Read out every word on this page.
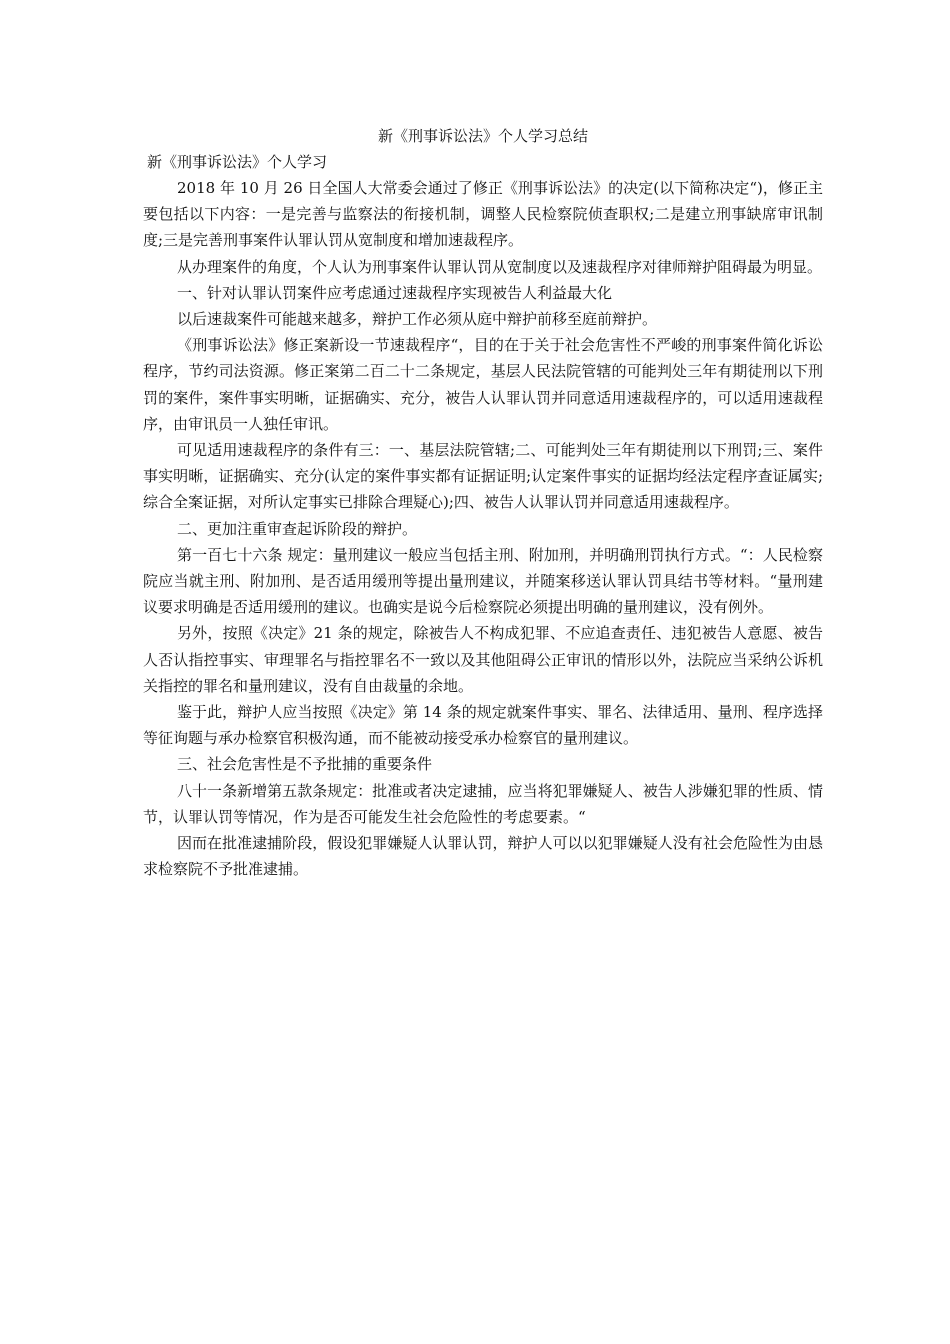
新《刑事诉讼法》个人学习总结

新《刑事诉讼法》个人学习

2018 年 10 月 26 日全国人大常委会通过了修正《刑事诉讼法》的决定(以下简称决定“)，修正主要包括以下内容：一是完善与监察法的衔接机制，调整人民检察院侦查职权;二是建立刑事缺席审讯制度;三是完善刑事案件认罪认罚从宽制度和增加速裁程序。

从办理案件的角度，个人认为刑事案件认罪认罚从宽制度以及速裁程序对律师辩护阻碍最为明显。

一、针对认罪认罚案件应考虑通过速裁程序实现被告人利益最大化

以后速裁案件可能越来越多，辩护工作必须从庭中辩护前移至庭前辩护。

《刑事诉讼法》修正案新设一节速裁程序“，目的在于关于社会危害性不严峻的刑事案件简化诉讼程序，节约司法资源。修正案第二百二十二条规定，基层人民法院管辖的可能判处三年有期徒刑以下刑罚的案件，案件事实明晰，证据确实、充分，被告人认罪认罚并同意适用速裁程序的，可以适用速裁程序，由审讯员一人独任审讯。

可见适用速裁程序的条件有三：一、基层法院管辖;二、可能判处三年有期徒刑以下刑罚;三、案件事实明晰，证据确实、充分(认定的案件事实都有证据证明;认定案件事实的证据均经法定程序查证属实;综合全案证据，对所认定事实已排除合理疑心);四、被告人认罪认罚并同意适用速裁程序。

二、更加注重审查起诉阶段的辩护。

第一百七十六条 规定：量刑建议一般应当包括主刑、附加刑，并明确刑罚执行方式。“：人民检察院应当就主刑、附加刑、是否适用缓刑等提出量刑建议，并随案移送认罪认罚具结书等材料。“量刑建议要求明确是否适用缓刑的建议。也确实是说今后检察院必须提出明确的量刑建议，没有例外。

另外，按照《决定》21 条的规定，除被告人不构成犯罪、不应追查责任、违犯被告人意愿、被告人否认指控事实、审理罪名与指控罪名不一致以及其他阻碍公正审讯的情形以外，法院应当采纳公诉机关指控的罪名和量刑建议，没有自由裁量的余地。

鉴于此，辩护人应当按照《决定》第 14 条的规定就案件事实、罪名、法律适用、量刑、程序选择等征询题与承办检察官积极沟通，而不能被动接受承办检察官的量刑建议。

三、社会危害性是不予批捕的重要条件

八十一条新增第五款条规定：批准或者决定逮捕，应当将犯罪嫌疑人、被告人涉嫌犯罪的性质、情节，认罪认罚等情况，作为是否可能发生社会危险性的考虑要素。“

因而在批准逮捕阶段，假设犯罪嫌疑人认罪认罚，辩护人可以以犯罪嫌疑人没有社会危险性为由恳求检察院不予批准逮捕。
